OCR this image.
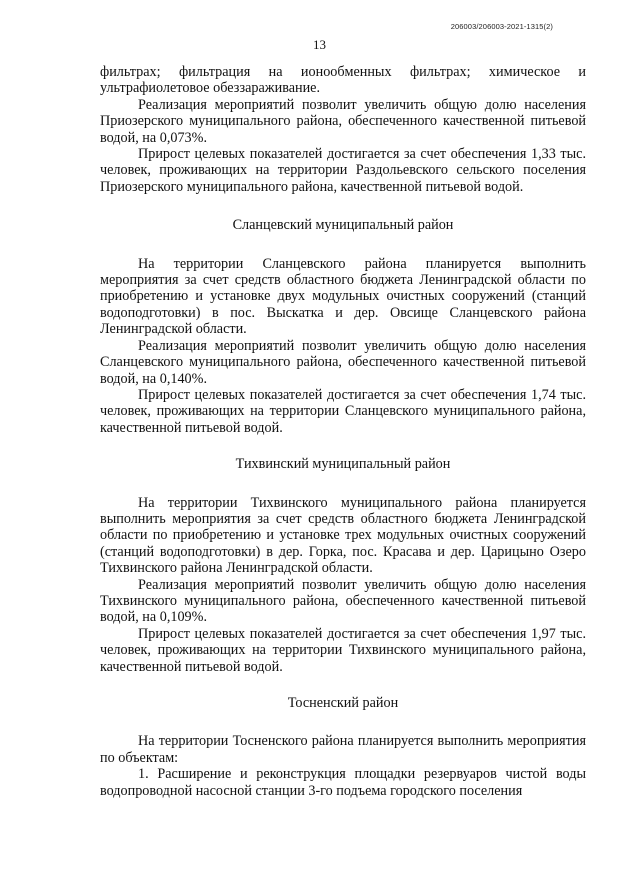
206003/206003-2021-1315(2)
13

фильтрах; фильтрация на ионообменных фильтрах; химическое и ультрафиолетовое обеззараживание.

Реализация мероприятий позволит увеличить общую долю населения Приозерского муниципального района, обеспеченного качественной питьевой водой, на 0,073%.

Прирост целевых показателей достигается за счет обеспечения 1,33 тыс. человек, проживающих на территории Раздольевского сельского поселения Приозерского муниципального района, качественной питьевой водой.

Сланцевский муниципальный район

На территории Сланцевского района планируется выполнить мероприятия за счет средств областного бюджета Ленинградской области по приобретению и установке двух модульных очистных сооружений (станций водоподготовки) в пос. Выскатка и дер. Овсище Сланцевского района Ленинградской области.

Реализация мероприятий позволит увеличить общую долю населения Сланцевского муниципального района, обеспеченного качественной питьевой водой, на 0,140%.

Прирост целевых показателей достигается за счет обеспечения 1,74 тыс. человек, проживающих на территории Сланцевского муниципального района, качественной питьевой водой.

Тихвинский муниципальный район

На территории Тихвинского муниципального района планируется выполнить мероприятия за счет средств областного бюджета Ленинградской области по приобретению и установке трех модульных очистных сооружений (станций водоподготовки) в дер. Горка, пос. Красава и дер. Царицыно Озеро Тихвинского района Ленинградской области.

Реализация мероприятий позволит увеличить общую долю населения Тихвинского муниципального района, обеспеченного качественной питьевой водой, на 0,109%.

Прирост целевых показателей достигается за счет обеспечения 1,97 тыс. человек, проживающих на территории Тихвинского муниципального района, качественной питьевой водой.

Тосненский район

На территории Тосненского района планируется выполнить мероприятия по объектам:

1. Расширение и реконструкция площадки резервуаров чистой воды водопроводной насосной станции 3-го подъема городского поселения
